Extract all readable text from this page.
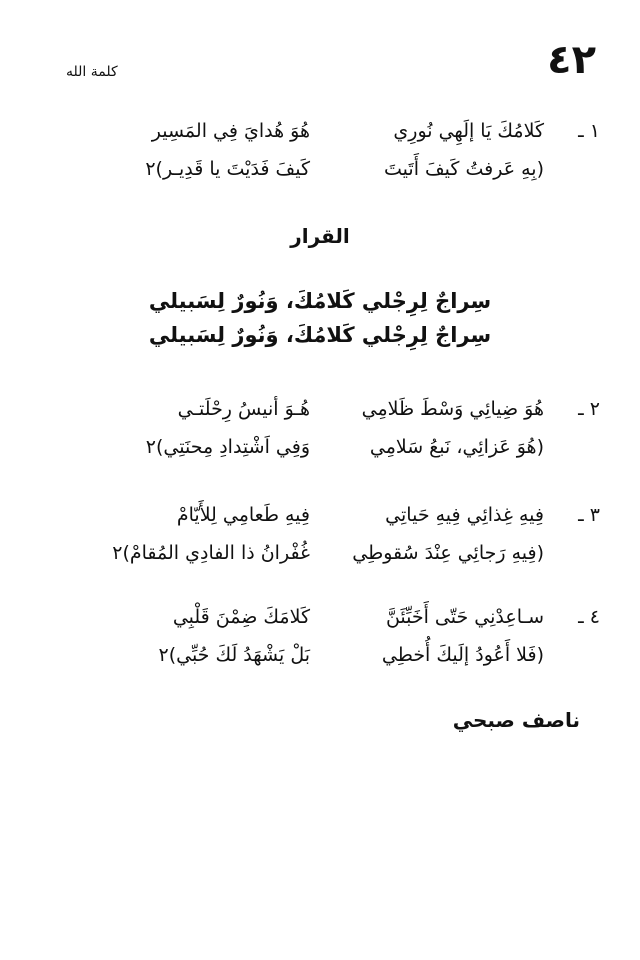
٤٢
كلمة الله
١ ـ
كَلامُكَ يَا إلَهِي نُورِي
هُوَ هُدايَ فِي المَسِير
(بِهِ عَرفتُ كَيفَ أَتَيتَ
كَيفَ فَدَيْتَ يا قَدِيـر)٢
القرار
سِراجٌ لِرِجْلي كَلامُكَ، وَنُورٌ لِسَبيلي
سِراجٌ لِرِجْلي كَلامُكَ، وَنُورٌ لِسَبيلي
٢ ـ
هُوَ ضِيائِي وَسْطَ ظَلامِي
هُـوَ أنيسُ رِحْلَتـي
(هُوَ عَزائِي، نَبعُ سَلامِي
وَفِي اَشْتِدادِ مِحنَتِي)٢
٣ ـ
فِيهِ غِذائِي فِيهِ حَياتِي
فِيهِ طَعامِي لِلأَيّامْ
(فِيهِ رَجائِي عِنْدَ سُقوطِي
غُفْرانُ ذا الفادِي المُقامْ)٢
٤ ـ
سـاعِدْنِي حَتّى أَخَبِّئَنَّ
كَلامَكَ ضِمْنَ قَلْبِي
(فَلا أَعُودُ إلَيكَ أُخطِي
بَلْ يَشْهَدُ لَكَ حُبِّي)٢
ناصف صبحي
